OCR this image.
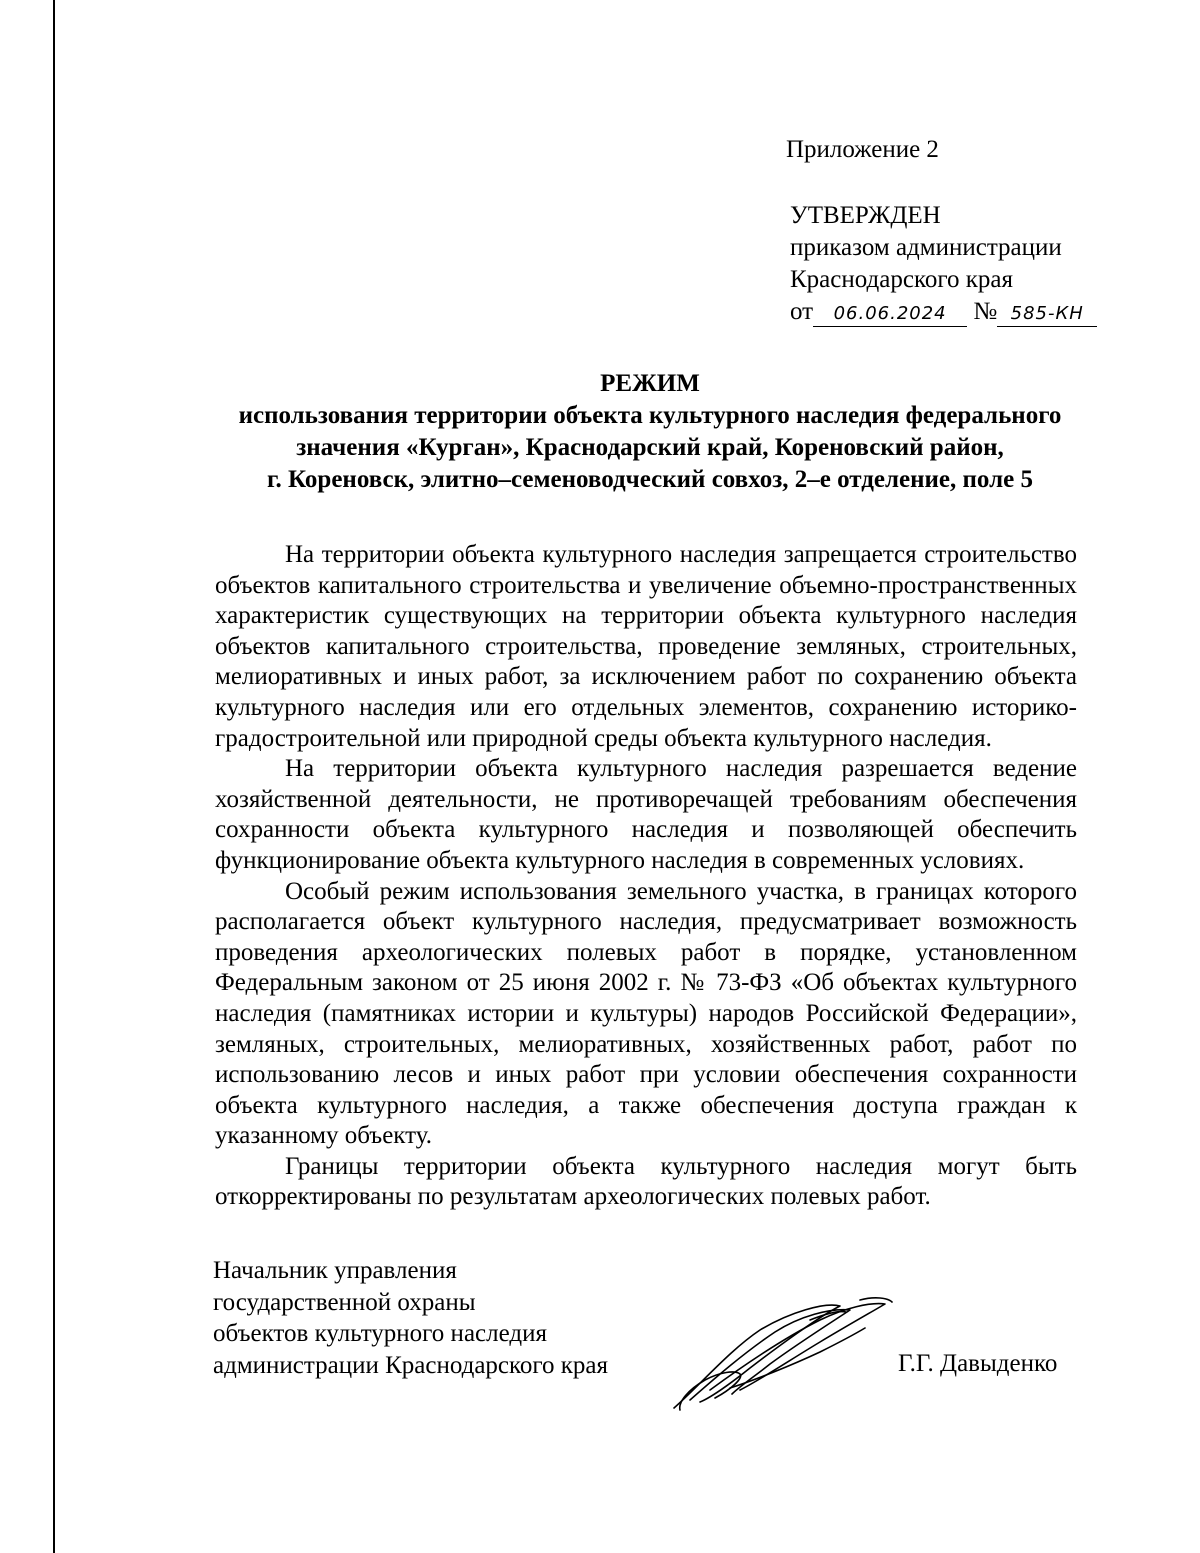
Приложение 2
УТВЕРЖДЕН
приказом администрации
Краснодарского края
от 06.06.2024 № 585-КН
РЕЖИМ
использования территории объекта культурного наследия федерального
значения «Курган», Краснодарский край, Кореновский район,
г. Кореновск, элитно–семеноводческий совхоз, 2–е отделение, поле 5

На территории объекта культурного наследия запрещается строительство объектов капитального строительства и увеличение объемно-пространственных характеристик существующих на территории объекта культурного наследия объектов капитального строительства, проведение земляных, строительных, мелиоративных и иных работ, за исключением работ по сохранению объекта культурного наследия или его отдельных элементов, сохранению историко-градостроительной или природной среды объекта культурного наследия.

На территории объекта культурного наследия разрешается ведение хозяйственной деятельности, не противоречащей требованиям обеспечения сохранности объекта культурного наследия и позволяющей обеспечить функционирование объекта культурного наследия в современных условиях.

Особый режим использования земельного участка, в границах которого располагается объект культурного наследия, предусматривает возможность проведения археологических полевых работ в порядке, установленном Федеральным законом от 25 июня 2002 г. № 73-ФЗ «Об объектах культурного наследия (памятниках истории и культуры) народов Российской Федерации», земляных, строительных, мелиоративных, хозяйственных работ, работ по использованию лесов и иных работ при условии обеспечения сохранности объекта культурного наследия, а также обеспечения доступа граждан к указанному объекту.

Границы территории объекта культурного наследия могут быть откорректированы по результатам археологических полевых работ.

Начальник управления
государственной охраны
объектов культурного наследия
администрации Краснодарского края	Г.Г. Давыденко
